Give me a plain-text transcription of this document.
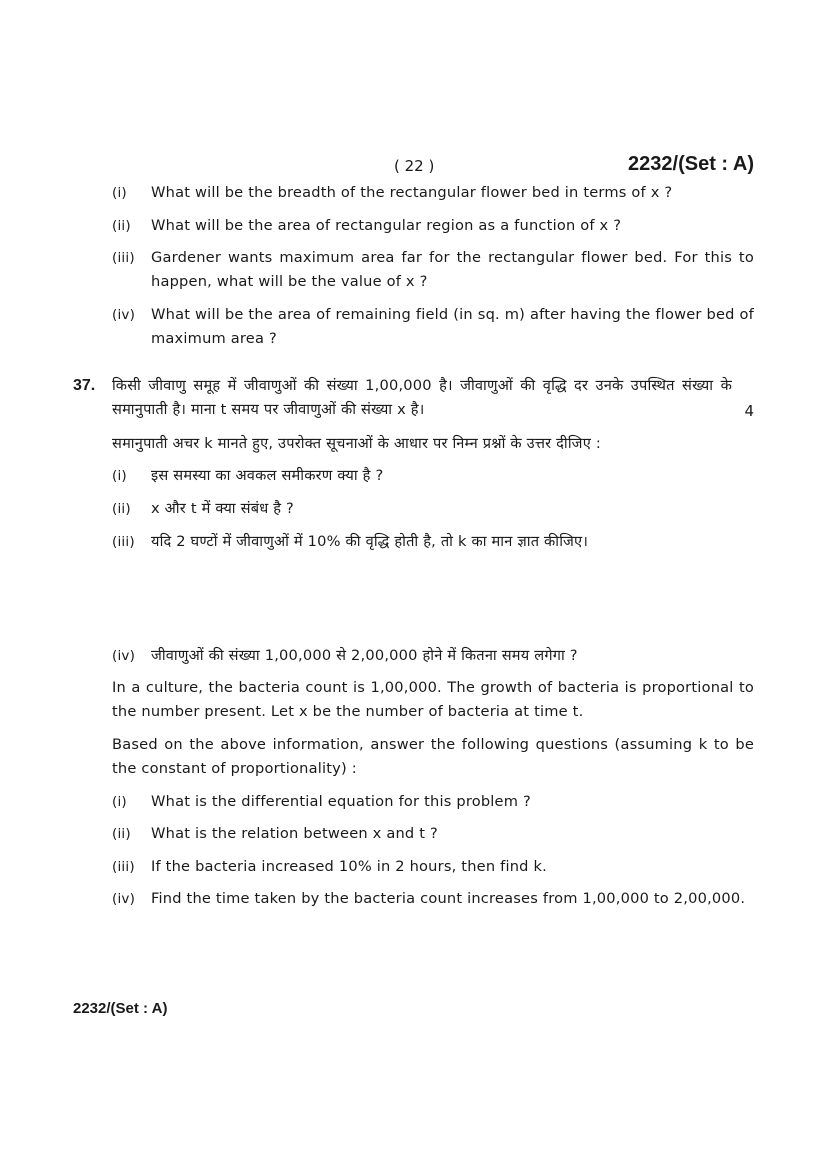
( 22 )	2232/(Set : A)
(i)	What will be the breadth of the rectangular flower bed in terms of x ?
(ii)	What will be the area of rectangular region as a function of x ?
(iii)	Gardener wants maximum area far for the rectangular flower bed. For this to happen, what will be the value of x ?
(iv)	What will be the area of remaining field (in sq. m) after having the flower bed of maximum area ?
37. किसी जीवाणु समूह में जीवाणुओं की संख्या 1,00,000 है। जीवाणुओं की वृद्धि दर उनके उपस्थित संख्या के समानुपाती है। माना t समय पर जीवाणुओं की संख्या x है।	4
समानुपाती अचर k मानते हुए, उपरोक्त सूचनाओं के आधार पर निम्न प्रश्नों के उत्तर दीजिए :
(i)	इस समस्या का अवकल समीकरण क्या है ?
(ii)	x और t में क्या संबंध है ?
(iii)	यदि 2 घण्टों में जीवाणुओं में 10% की वृद्धि होती है, तो k का मान ज्ञात कीजिए।
(iv)	जीवाणुओं की संख्या 1,00,000 से 2,00,000 होने में कितना समय लगेगा ?
In a culture, the bacteria count is 1,00,000. The growth of bacteria is proportional to the number present. Let x be the number of bacteria at time t.
Based on the above information, answer the following questions (assuming k to be the constant of proportionality) :
(i)	What is the differential equation for this problem ?
(ii)	What is the relation between x and t ?
(iii)	If the bacteria increased 10% in 2 hours, then find k.
(iv)	Find the time taken by the bacteria count increases from 1,00,000 to 2,00,000.
2232/(Set : A)
